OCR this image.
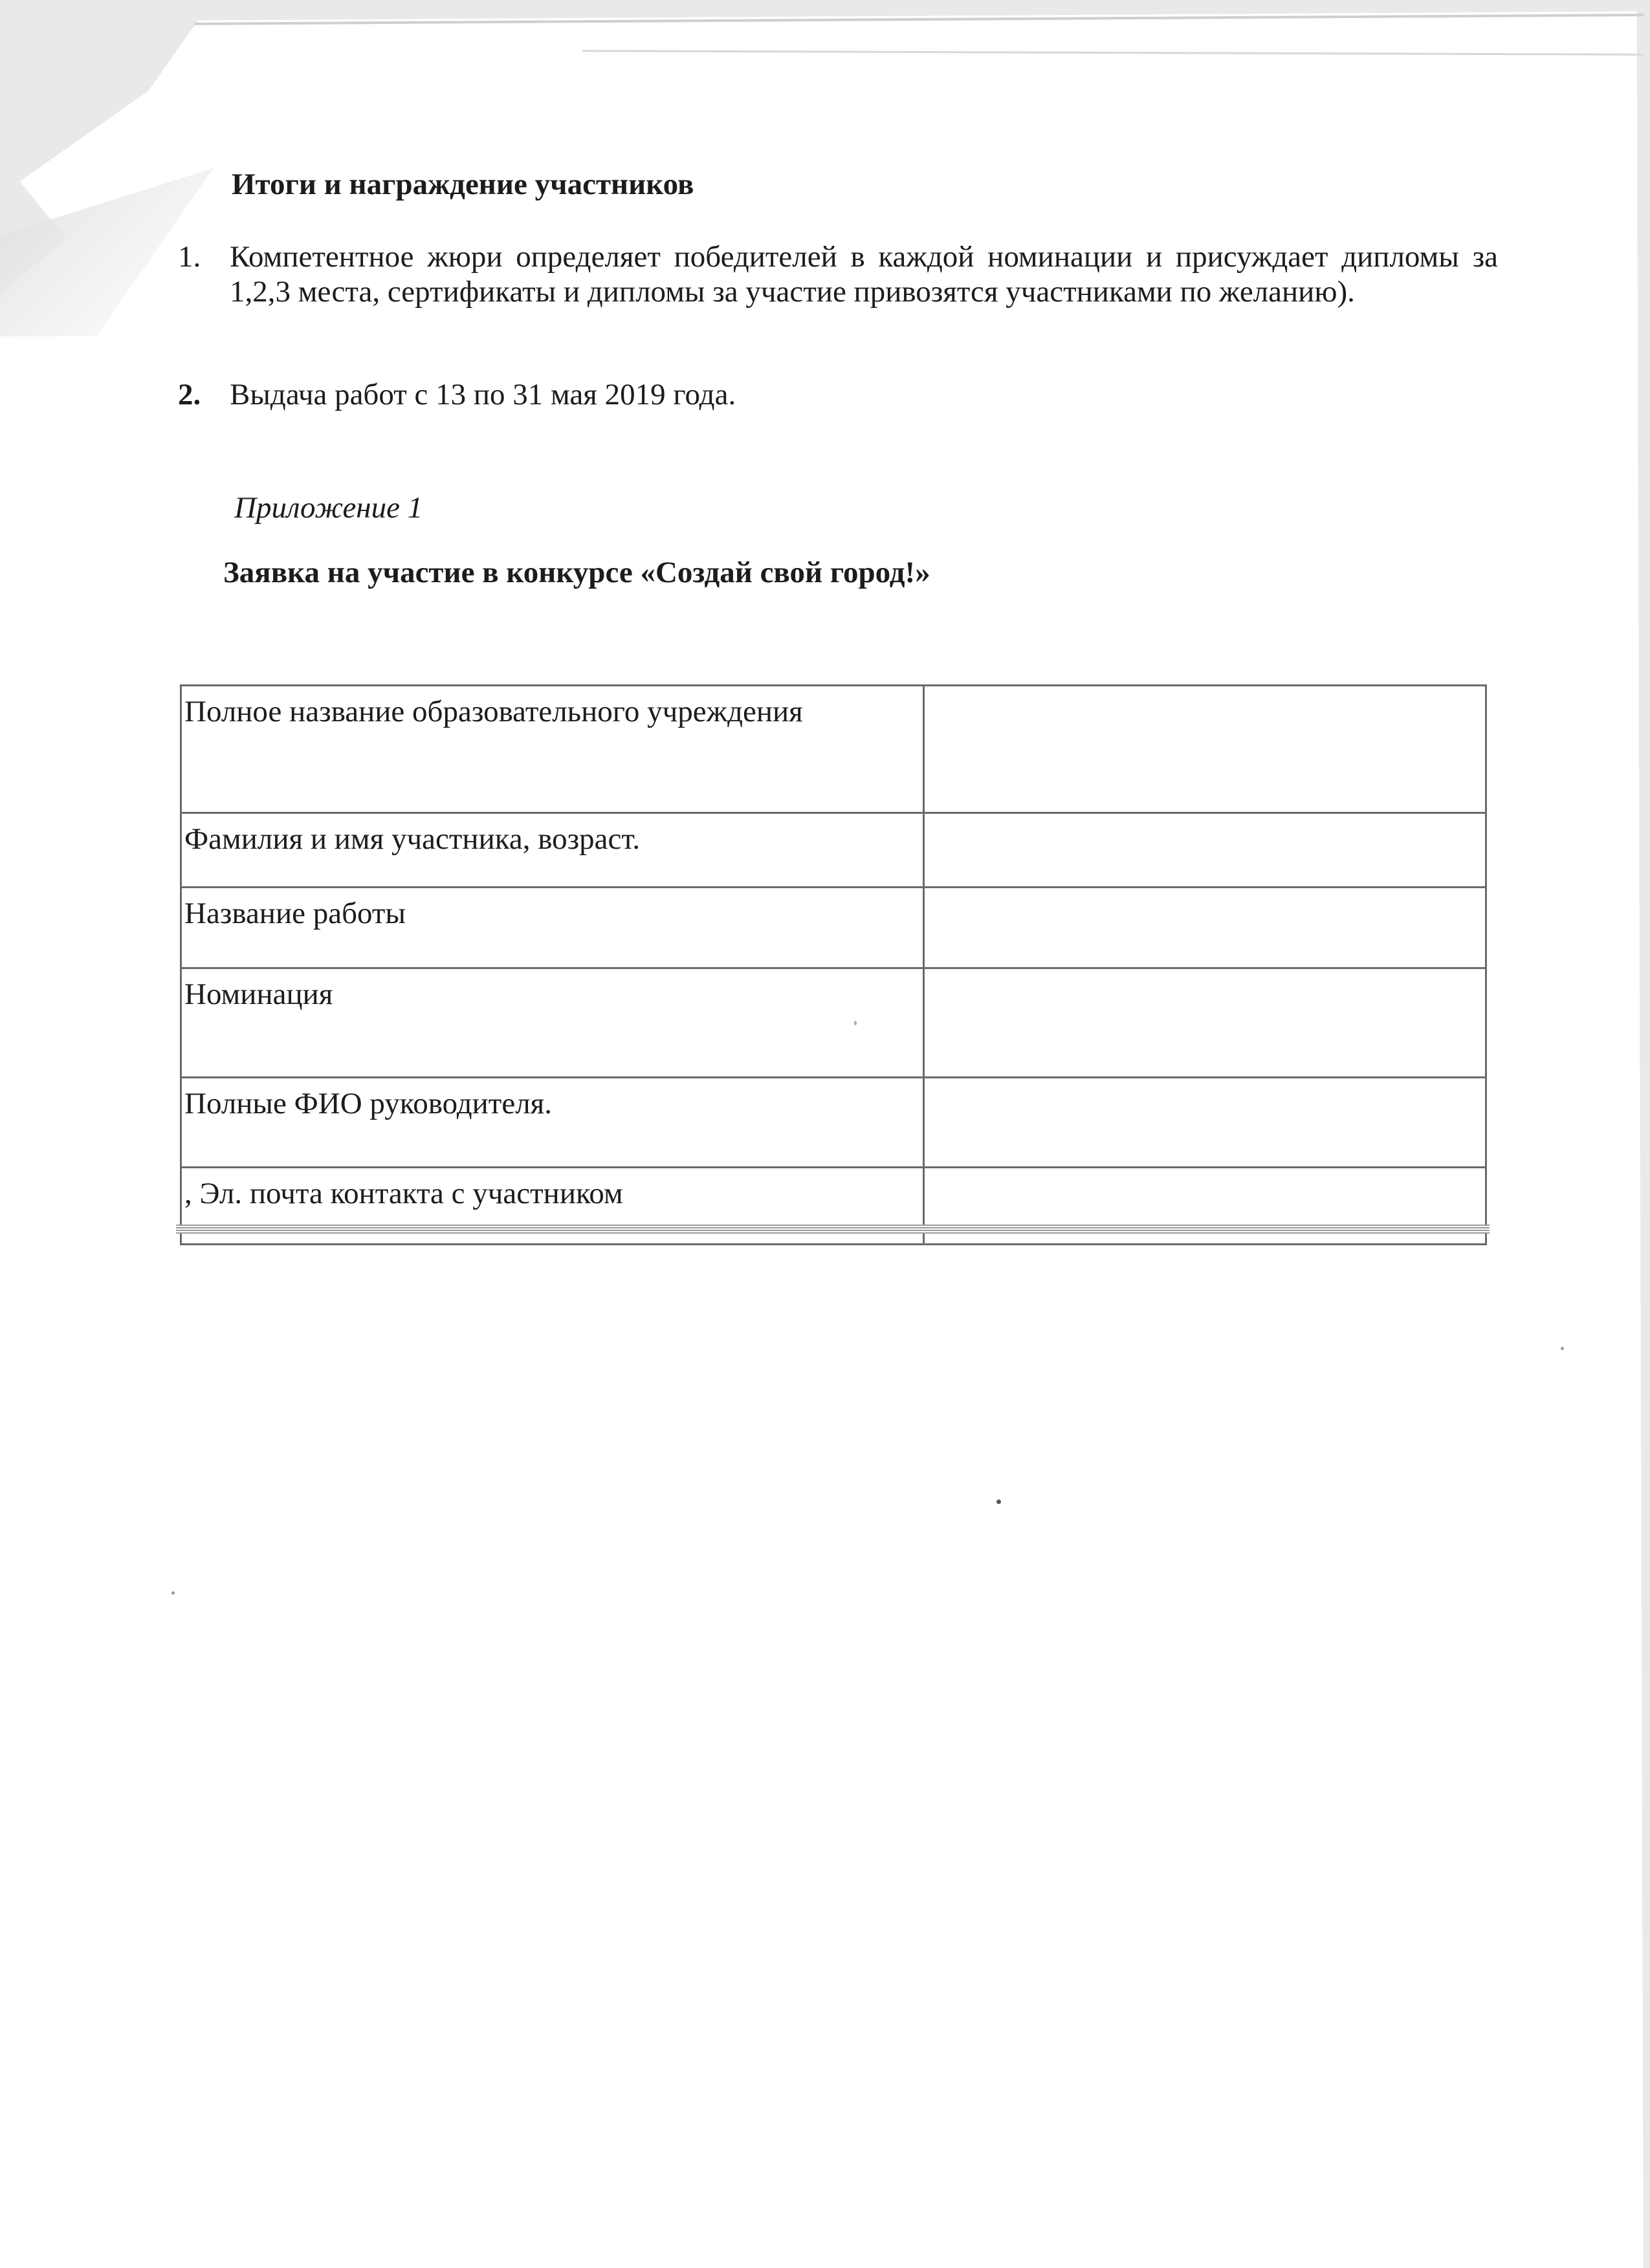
Итоги и награждение участников
1. Компетентное жюри определяет победителей в каждой номинации и присуждает дипломы за 1,2,3 места, сертификаты и дипломы за участие привозятся участниками по желанию).
2. Выдача работ с 13 по 31 мая 2019 года.
Приложение 1
Заявка на участие в конкурсе «Создай свой город!»
Полное название образовательного учреждения	
Фамилия и имя участника, возраст.	
Название работы	
Номинация	
Полные ФИО руководителя.	
, Эл. почта контакта с участником	
